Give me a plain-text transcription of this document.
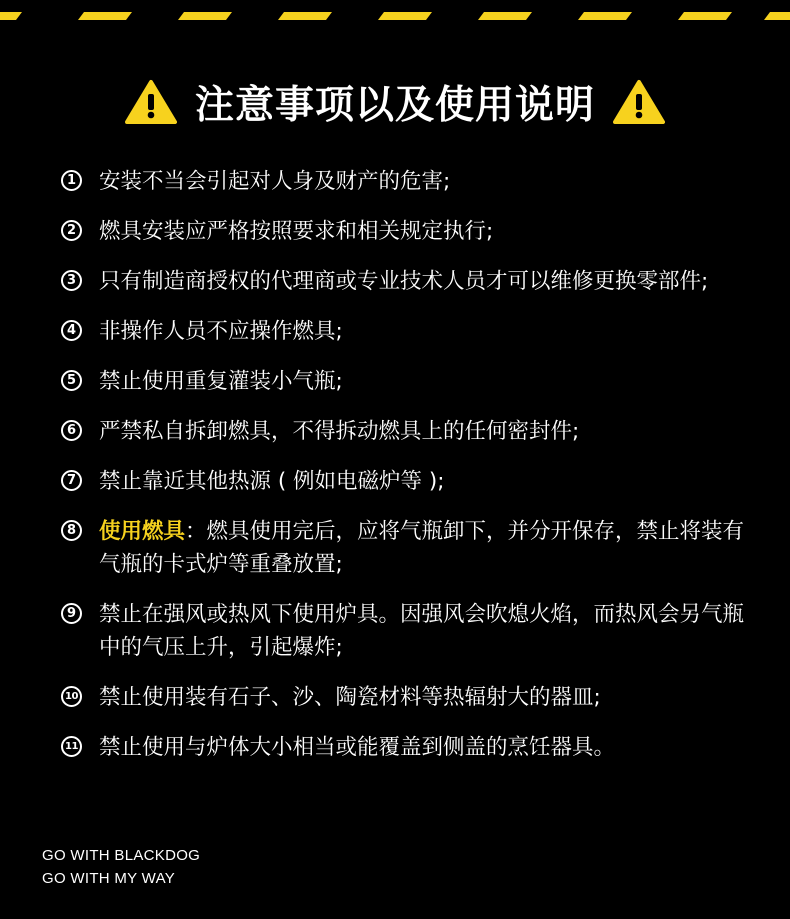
注意事项以及使用说明
1 安装不当会引起对人身及财产的危害;
2 燃具安装应严格按照要求和相关规定执行;
3 只有制造商授权的代理商或专业技术人员才可以维修更换零部件;
4 非操作人员不应操作燃具;
5 禁止使用重复灌装小气瓶;
6 严禁私自拆卸燃具，不得拆动燃具上的任何密封件;
7 禁止靠近其他热源 ( 例如电磁炉等 );
8 使用燃具：燃具使用完后，应将气瓶卸下，并分开保存，禁止将装有气瓶的卡式炉等重叠放置;
9 禁止在强风或热风下使用炉具。因强风会吹熄火焰，而热风会另气瓶中的气压上升，引起爆炸;
10 禁止使用装有石子、沙、陶瓷材料等热辐射大的器皿;
11 禁止使用与炉体大小相当或能覆盖到侧盖的烹饪器具。
GO WITH BLACKDOG
GO WITH MY WAY
